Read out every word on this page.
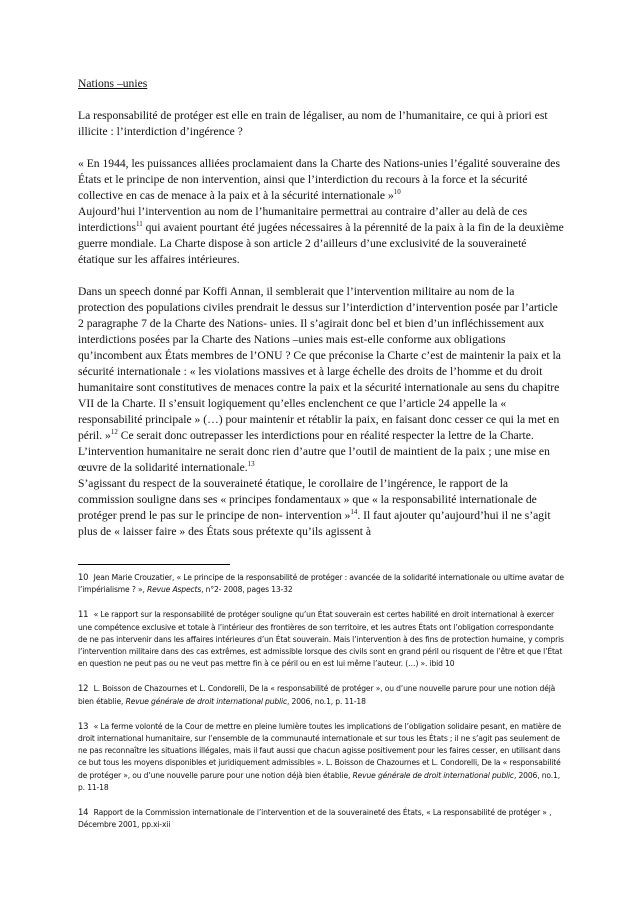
Nations –unies

La responsabilité de protéger est elle en train de légaliser, au nom de l’humanitaire, ce qui à priori est illicite : l’interdiction d’ingérence ?

« En 1944, les puissances alliées proclamaient dans la Charte des Nations-unies l’égalité souveraine des États et le principe de non intervention, ainsi que l’interdiction du recours à la force et la sécurité collective en cas de menace à la paix et à la sécurité internationale »$^{10}$
Aujourd’hui l’intervention au nom de l’humanitaire permettrai au contraire d’aller au delà de ces interdictions$^{11}$ qui avaient pourtant été jugées nécessaires à la pérennité de la paix à la fin de la deuxième guerre mondiale. La Charte dispose à son article 2 d’ailleurs d’une exclusivité de la souveraineté étatique sur les affaires intérieures.

Dans un speech donné par Koffi Annan, il semblerait que l’intervention militaire au nom de la protection des populations civiles prendrait le dessus sur l’interdiction d’intervention posée par l’article 2 paragraphe 7 de la Charte des Nations- unies. Il s’agirait donc bel et bien d’un infléchissement aux interdictions posées par la Charte des Nations –unies mais est-elle conforme aux obligations qu’incombent aux États membres de l’ONU ? Ce que préconise la Charte c’est de maintenir la paix et la sécurité internationale : « les violations massives et à large échelle des droits de l’homme et du droit humanitaire sont constitutives de menaces contre la paix et la sécurité internationale au sens du chapitre VII de la Charte. Il s’ensuit logiquement qu’elles enclenchent ce que l’article 24 appelle la « responsabilité principale » (…) pour maintenir et rétablir la paix, en faisant donc cesser ce qui la met en péril. »$^{12}$ Ce serait donc outrepasser les interdictions pour en réalité respecter la lettre de la Charte. L’intervention humanitaire ne serait donc rien d’autre que l’outil de maintient de la paix ; une mise en œuvre de la solidarité internationale.$^{13}$

S’agissant du respect de la souveraineté étatique, le corollaire de l’ingérence, le rapport de la commission souligne dans ses « principes fondamentaux » que « la responsabilité internationale de protéger prend le pas sur le principe de non- intervention »$^{14}$. Il faut ajouter qu’aujourd’hui il ne s’agit plus de « laisser faire » des États sous prétexte qu’ils agissent à

10 Jean Marie Crouzatier, « Le principe de la responsabilité de protéger : avancée de la solidarité internationale ou ultime avatar de l’impérialisme ? », Revue Aspects, n°2- 2008, pages 13-32

11 « Le rapport sur la responsabilité de protéger souligne qu’un État souverain est certes habilité en droit international à exercer une compétence exclusive et totale à l’intérieur des frontières de son territoire, et les autres États ont l’obligation correspondante de ne pas intervenir dans les affaires intérieures d’un État souverain. Mais l’intervention à des fins de protection humaine, y compris l’intervention militaire dans des cas extrêmes, est admissible lorsque des civils sont en grand péril ou risquent de l’être et que l’État en question ne peut pas ou ne veut pas mettre fin à ce péril ou en est lui même l’auteur. (…) ». ibid 10

12 L. Boisson de Chazournes et L. Condorelli, De la « responsabilité de protéger », ou d’une nouvelle parure pour une notion déjà bien établie, Revue générale de droit international public, 2006, no.1, p. 11-18

13 « La ferme volonté de la Cour de mettre en pleine lumière toutes les implications de l’obligation solidaire pesant, en matière de droit international humanitaire, sur l’ensemble de la communauté internationale et sur tous les États ; il ne s’agit pas seulement de ne pas reconnaître les situations illégales, mais il faut aussi que chacun agisse positivement pour les faires cesser, en utilisant dans ce but tous les moyens disponibles et juridiquement admissibles ». L. Boisson de Chazournes et L. Condorelli, De la « responsabilité de protéger », ou d’une nouvelle parure pour une notion déjà bien établie, Revue générale de droit international public, 2006, no.1, p. 11-18

14 Rapport de la Commission internationale de l’intervention et de la souveraineté des États, « La responsabilité de protéger » , Décembre 2001, pp.xi-xii
